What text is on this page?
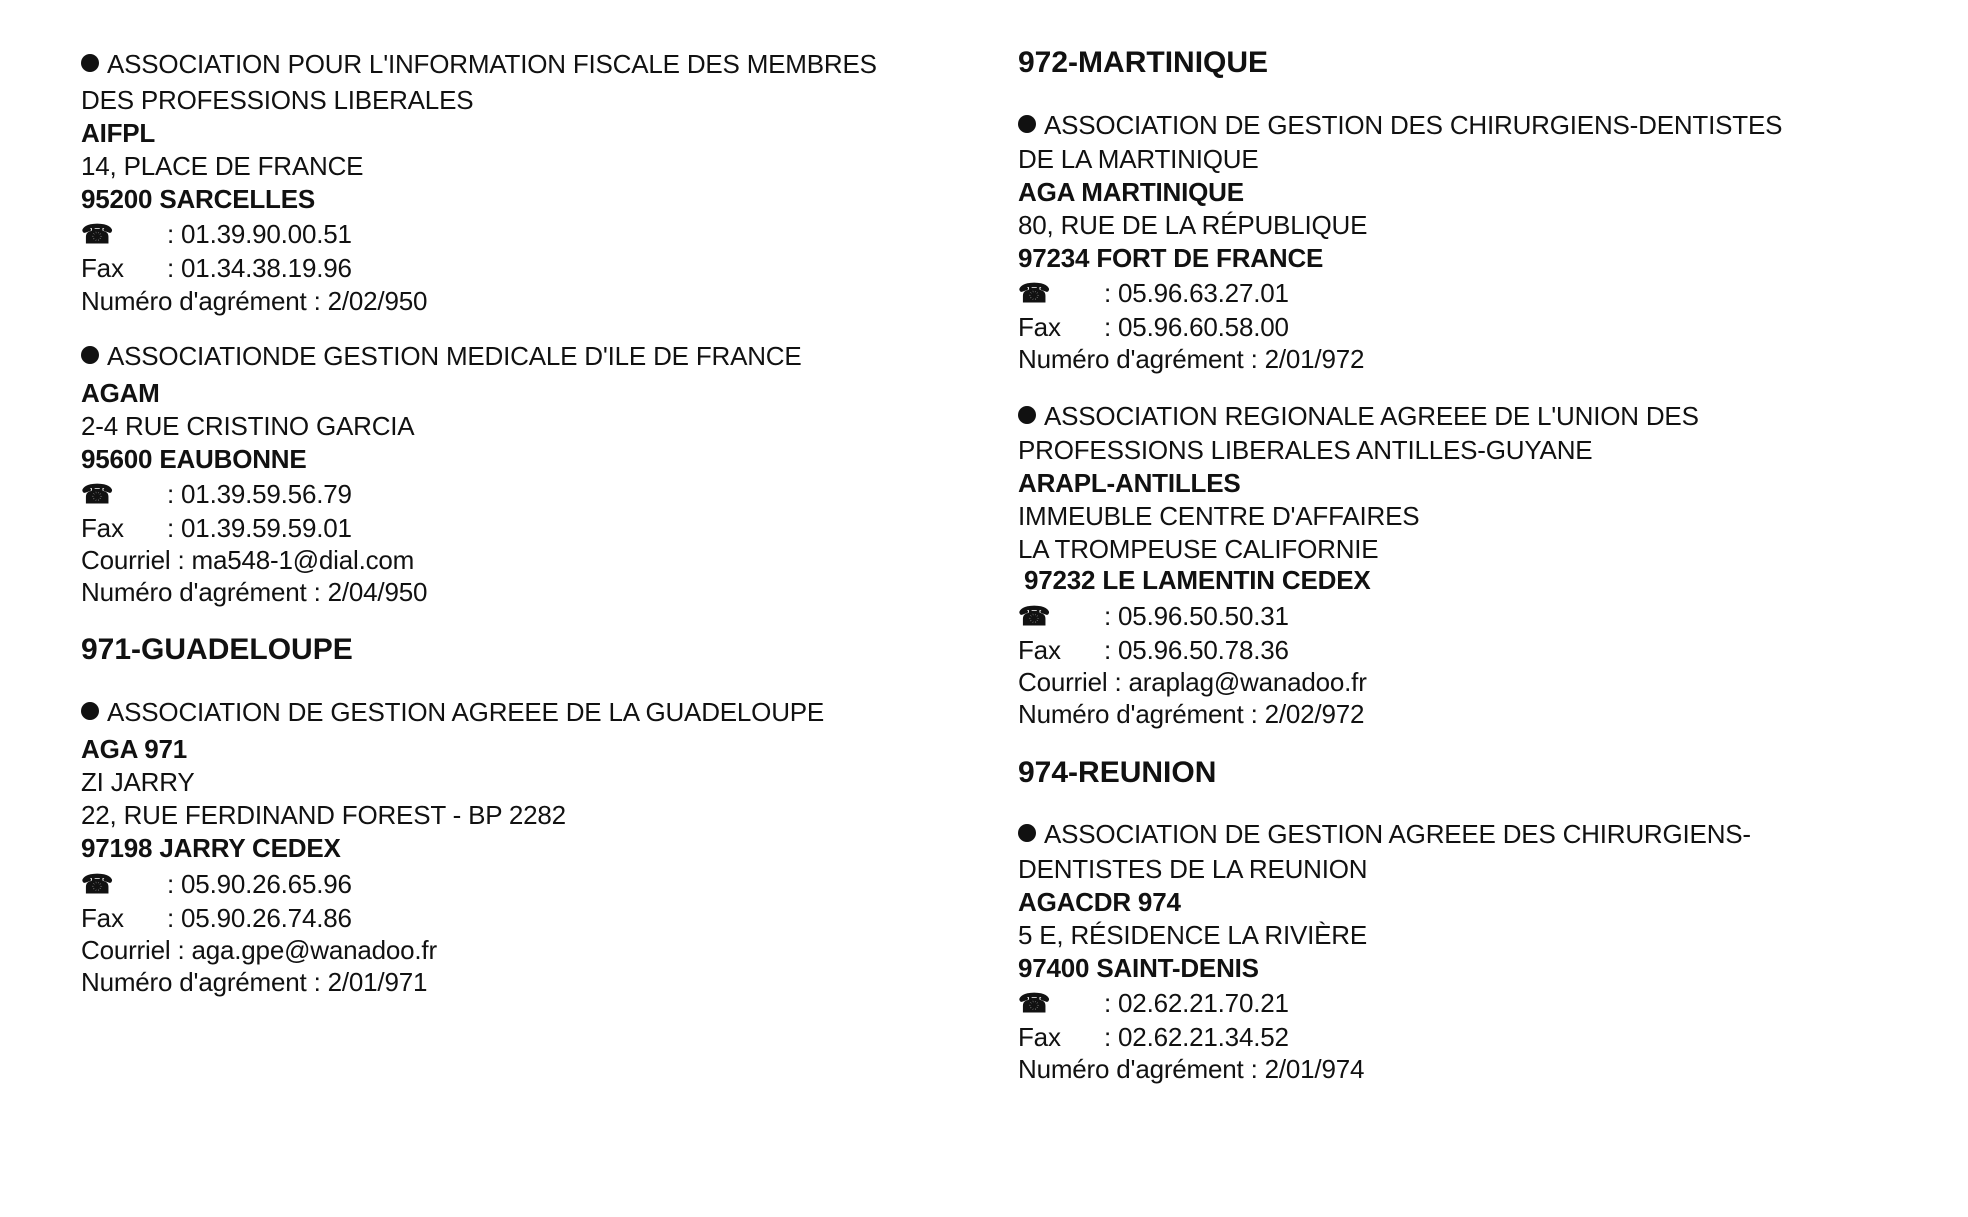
ASSOCIATION POUR L'INFORMATION FISCALE DES MEMBRES
DES PROFESSIONS LIBERALES
AIFPL
14, PLACE DE FRANCE
95200 SARCELLES
☎ : 01.39.90.00.51
Fax : 01.34.38.19.96
Numéro d'agrément : 2/02/950
ASSOCIATIONDE GESTION MEDICALE D'ILE DE FRANCE
AGAM
2-4 RUE CRISTINO GARCIA
95600 EAUBONNE
☎ : 01.39.59.56.79
Fax : 01.39.59.59.01
Courriel : ma548-1@dial.com
Numéro d'agrément : 2/04/950
971-GUADELOUPE
ASSOCIATION DE GESTION AGREEE DE LA GUADELOUPE
AGA 971
ZI JARRY
22, RUE FERDINAND FOREST - BP 2282
97198 JARRY CEDEX
☎ : 05.90.26.65.96
Fax : 05.90.26.74.86
Courriel : aga.gpe@wanadoo.fr
Numéro d'agrément : 2/01/971
972-MARTINIQUE
ASSOCIATION DE GESTION DES CHIRURGIENS-DENTISTES
DE LA MARTINIQUE
AGA MARTINIQUE
80, RUE DE LA RÉPUBLIQUE
97234 FORT DE FRANCE
☎ : 05.96.63.27.01
Fax : 05.96.60.58.00
Numéro d'agrément : 2/01/972
ASSOCIATION REGIONALE AGREEE DE L'UNION DES
PROFESSIONS LIBERALES ANTILLES-GUYANE
ARAPL-ANTILLES
IMMEUBLE CENTRE D'AFFAIRES
LA TROMPEUSE CALIFORNIE
97232 LE LAMENTIN CEDEX
☎ : 05.96.50.50.31
Fax : 05.96.50.78.36
Courriel : araplag@wanadoo.fr
Numéro d'agrément : 2/02/972
974-REUNION
ASSOCIATION DE GESTION AGREEE DES CHIRURGIENS-
DENTISTES DE LA REUNION
AGACDR 974
5 E, RÉSIDENCE LA RIVIÈRE
97400 SAINT-DENIS
☎ : 02.62.21.70.21
Fax : 02.62.21.34.52
Numéro d'agrément : 2/01/974
